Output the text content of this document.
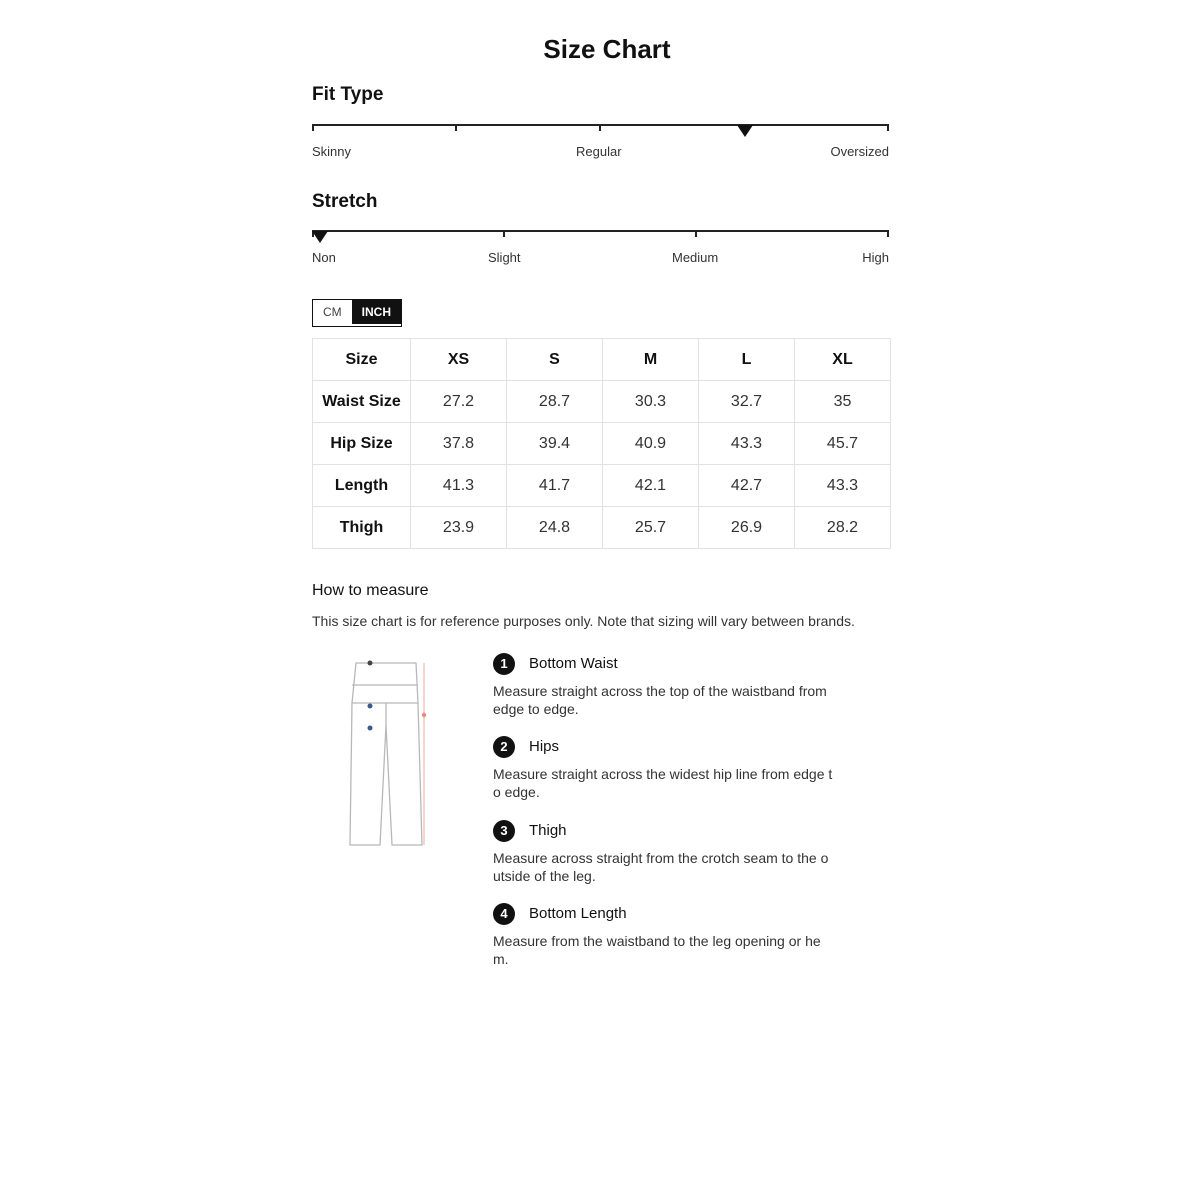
Size Chart
Fit Type
Skinny	Regular	Oversized
Stretch
Non	Slight	Medium	High
CM	INCH
Size	XS	S	M	L	XL
Waist Size	27.2	28.7	30.3	32.7	35
Hip Size	37.8	39.4	40.9	43.3	45.7
Length	41.3	41.7	42.1	42.7	43.3
Thigh	23.9	24.8	25.7	26.9	28.2
How to measure
This size chart is for reference purposes only. Note that sizing will vary between brands.
1	Bottom Waist
Measure straight across the top of the waistband from edge to edge.
2	Hips
Measure straight across the widest hip line from edge to edge.
3	Thigh
Measure across straight from the crotch seam to the outside of the leg.
4	Bottom Length
Measure from the waistband to the leg opening or hem.
